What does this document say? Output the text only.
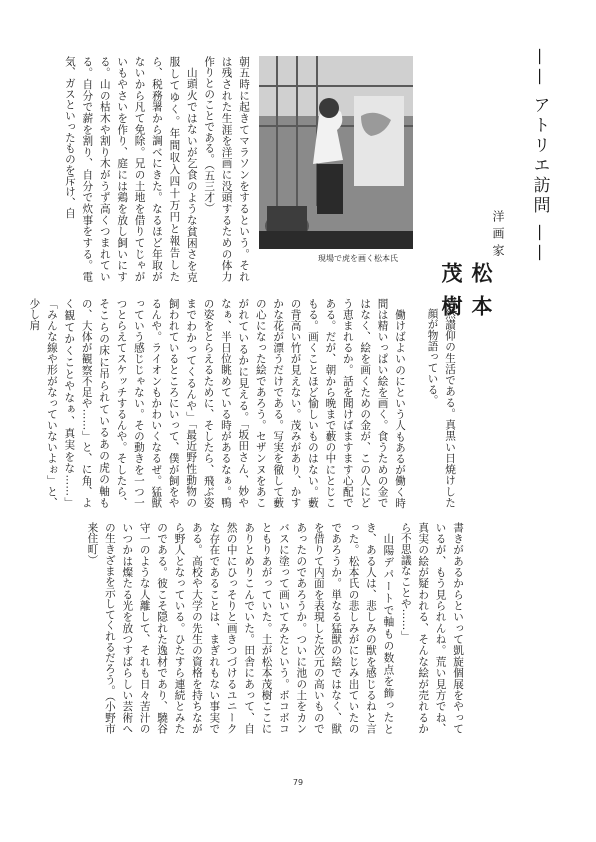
——
アトリエ訪問
——
洋画家
松本茂樹
現場で虎を画く松本氏

朝五時に起きてマラソンをするという。それは残された生涯を洋画に没頭するための体力作りとのことである。（五三才）

山頭火ではないが乞食のような貧困さを克服してゆく。年間収入四十万円と報告したら、税務署から調べにきた。なるほど年取がないから凡て免除。兄の土地を借りてじゃがいもやさいを作り、庭には鶏を放し飼いにする。山の枯木や割り木がうず高くつまれている。自分で薪を割り、自分で炊事をする。電気、ガスといったものを斥け、自

然讃仰の生活である。真黒い日焼けした顔が物語っている。

働けばよいのにという人もあるが働く時間は精いっぱい絵を画く。食うための金ではなく、絵を画くための金が、この人にどう恵まれるか。話を聞けばますます心配である。だが、朝から晩まで藪の中にとじこもる。画くことほど愉しいものはない。藪の背高い竹が見えない。茂みがあり、かすかな花が漂うだけである。写実を徹して藪の心になった絵であろう。セザンヌをあこがれているかに見える。「坂田さん、妙やなぁ、半日位眺めている時があるなぁ。鴨の姿をとらえるために、そしたら、飛ぶ姿までわかってくるんや」「最近野性動物の飼われているところにいって、僕が飼をやるんや。ライオンもかわいくなるぜ。猛獣っていう感じじゃない。その動きを一つ一つとらえてスケッチするんや。そしたら、そこらの床に吊られているあの虎の軸もの、大体が観察不足や……」と、に角、よく観てかくことやなぁ、真実をな……」「みんな線や形がなっていないよぉ」と、少し肩

書きがあるからといって凱旋個展をやっているが、もう見られんね。荒い見方でね、真実の絵が疑われる、そんな絵が売れるから不思議なことや……」

山陽デパートで軸もの数点を飾ったとき、ある人は、悲しみの獣を感じるねと言った。松本氏の悲しみがにじみ出ていたのであろうか。単なる猛獣の絵ではなく、獣を借りて内面を表現した次元の高いものであったのであろうか。ついに池の土をカンバスに塗って画いてみたという。ボコボコともりあがっていた。土が松本茂樹ここにありとめりこんでいた。田舎にあって、自然の中にひっそりと画きつづけるユニークな存在であることは、まぎれもない事実である。高校や大学の先生の資格を持ちながら野人となっている。ひたすら連続とみたのである。彼こそ隠れた逸材であり、驍谷守一のような人離して、それも日々苦汁のいつかは燦たる光を放つすばらしい芸術への生きざまを示してくれるだろう。（小野市来住町）

79
